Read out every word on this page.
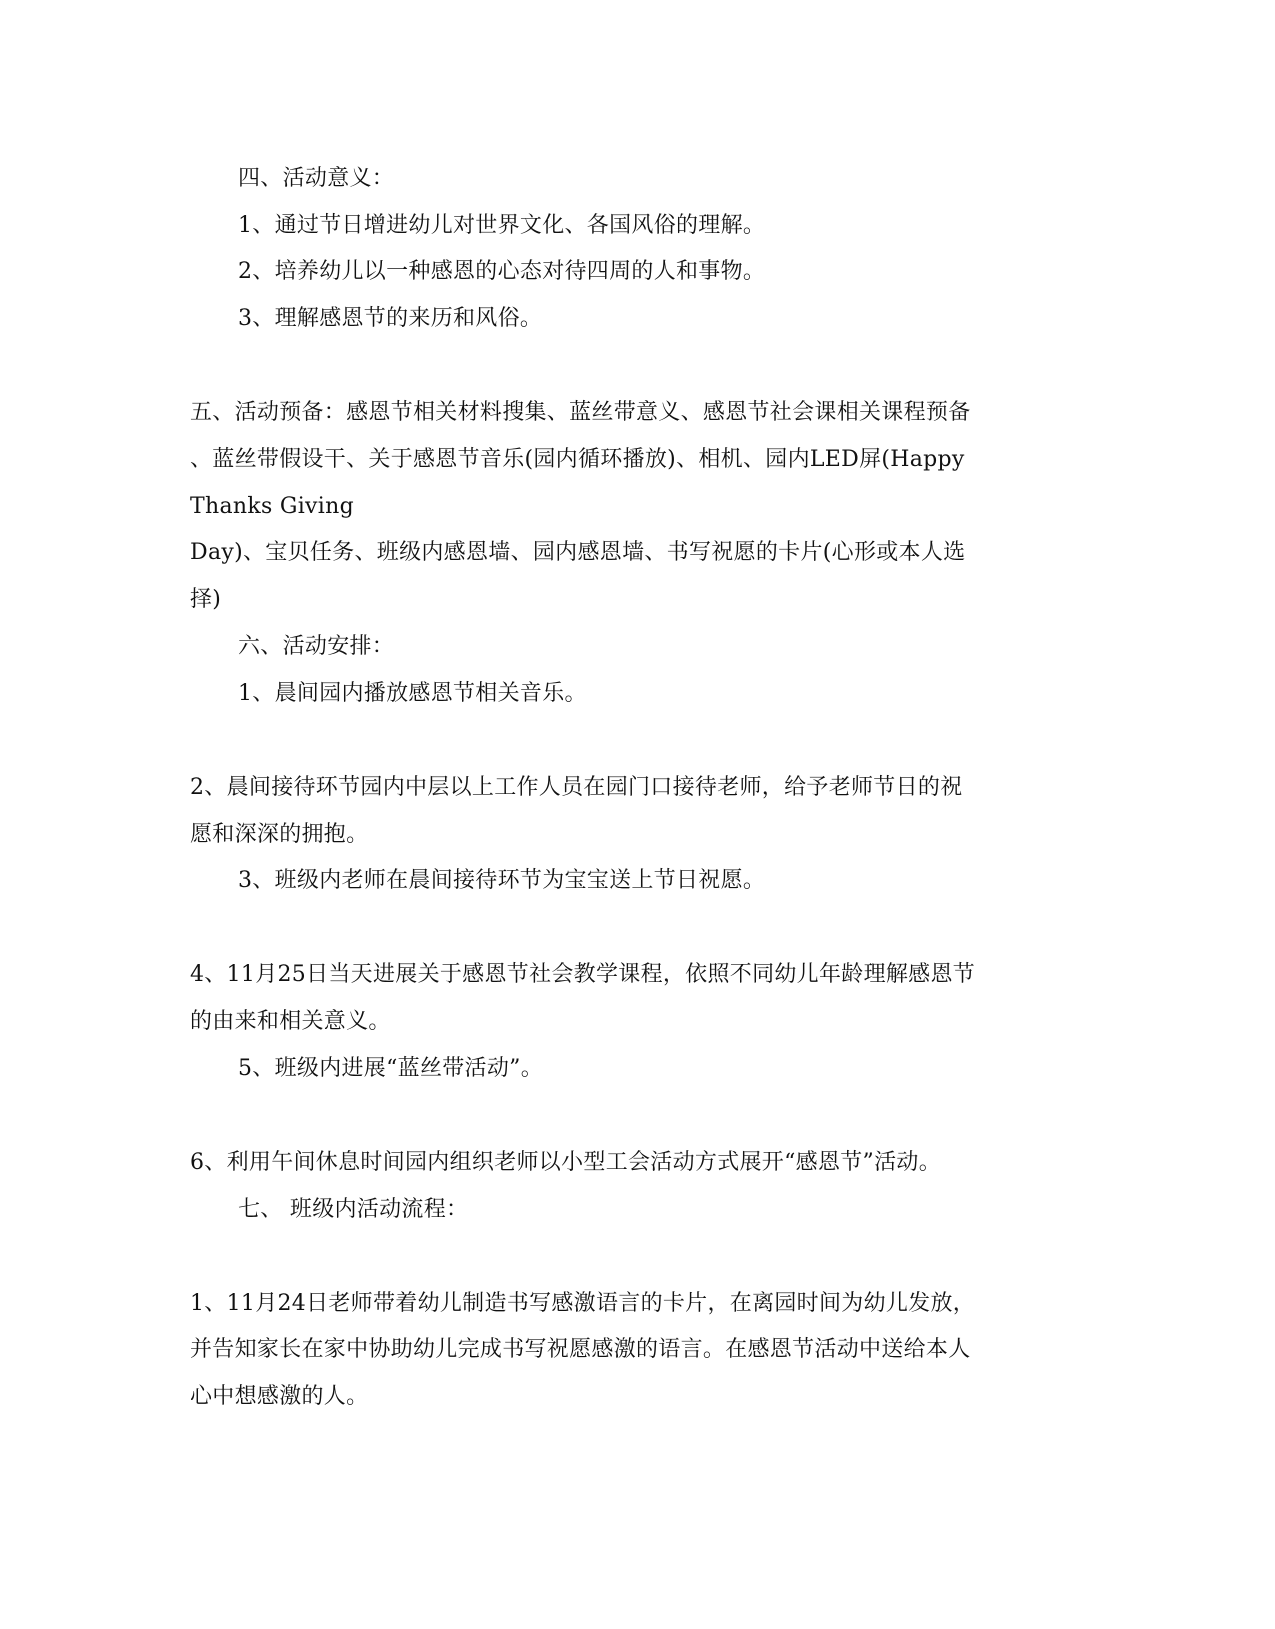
四、活动意义：
1、通过节日增进幼儿对世界文化、各国风俗的理解。
2、培养幼儿以一种感恩的心态对待四周的人和事物。
3、理解感恩节的来历和风俗。
五、活动预备：感恩节相关材料搜集、蓝丝带意义、感恩节社会课相关课程预备
、蓝丝带假设干、关于感恩节音乐(园内循环播放)、相机、园内LED屏(Happy
Thanks Giving
Day)、宝贝任务、班级内感恩墙、园内感恩墙、书写祝愿的卡片(心形或本人选
择)
六、活动安排：
1、晨间园内播放感恩节相关音乐。
2、晨间接待环节园内中层以上工作人员在园门口接待老师，给予老师节日的祝
愿和深深的拥抱。
3、班级内老师在晨间接待环节为宝宝送上节日祝愿。
4、11月25日当天进展关于感恩节社会教学课程，依照不同幼儿年龄理解感恩节
的由来和相关意义。
5、班级内进展“蓝丝带活动”。
6、利用午间休息时间园内组织老师以小型工会活动方式展开“感恩节”活动。
七、 班级内活动流程：
1、11月24日老师带着幼儿制造书写感激语言的卡片，在离园时间为幼儿发放，
并告知家长在家中协助幼儿完成书写祝愿感激的语言。在感恩节活动中送给本人
心中想感激的人。
